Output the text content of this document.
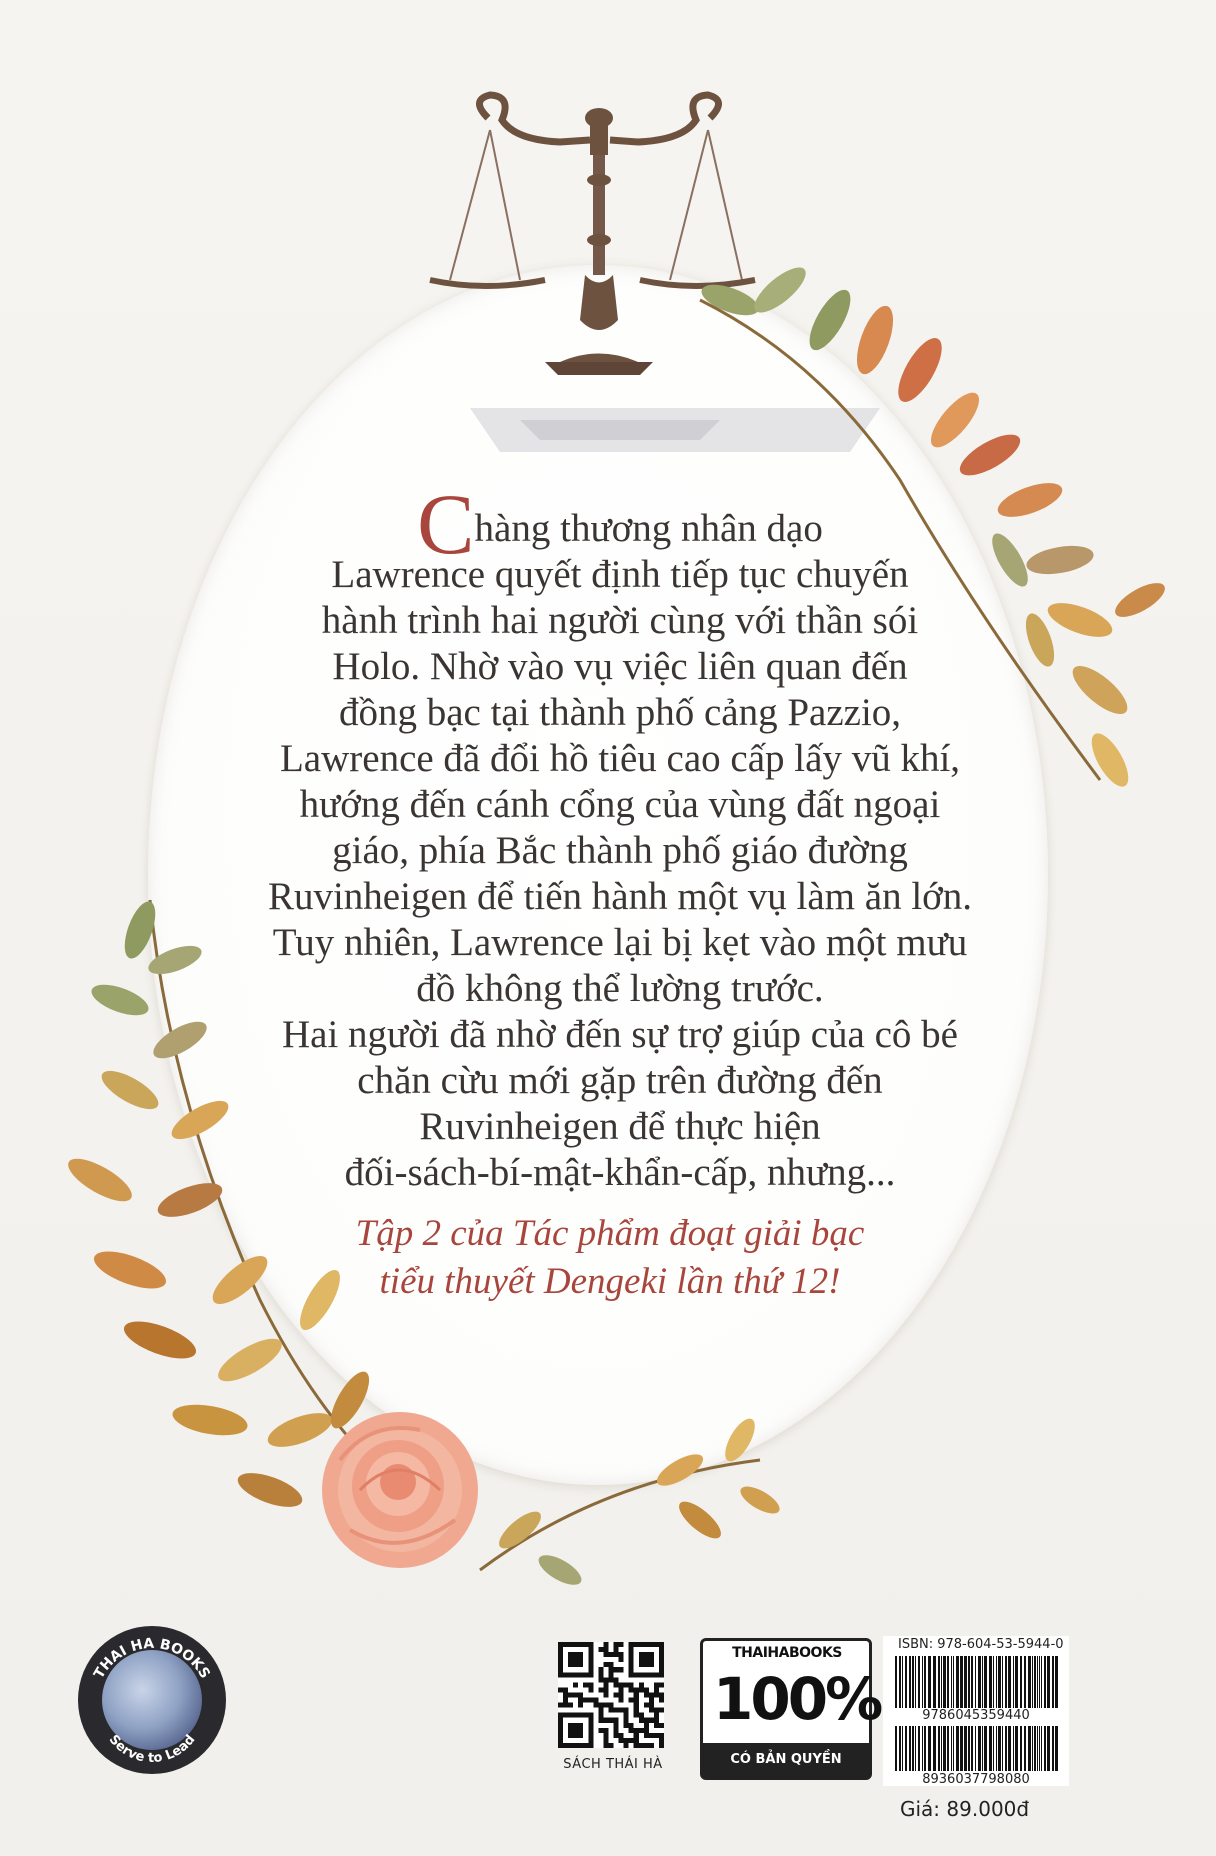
Chàng thương nhân dạo

Lawrence quyết định tiếp tục chuyến

hành trình hai người cùng với thần sói

Holo. Nhờ vào vụ việc liên quan đến

đồng bạc tại thành phố cảng Pazzio,

Lawrence đã đổi hồ tiêu cao cấp lấy vũ khí,

hướng đến cánh cổng của vùng đất ngoại

giáo, phía Bắc thành phố giáo đường

Ruvinheigen để tiến hành một vụ làm ăn lớn.

Tuy nhiên, Lawrence lại bị kẹt vào một mưu

đồ không thể lường trước.

Hai người đã nhờ đến sự trợ giúp của cô bé

chăn cừu mới gặp trên đường đến

Ruvinheigen để thực hiện

đối-sách-bí-mật-khẩn-cấp, nhưng...

Tập 2 của Tác phẩm đoạt giải bạc

tiểu thuyết Dengeki lần thứ 12!

THAI HA BOOKS
Serve to Lead
SÁCH THÁI HÀ
THAIHABOOKS
100%
CÓ BẢN QUYỀN
9786045359440
8936037798080
ISBN: 978-604-53-5944-0
Giá: 89.000đ
